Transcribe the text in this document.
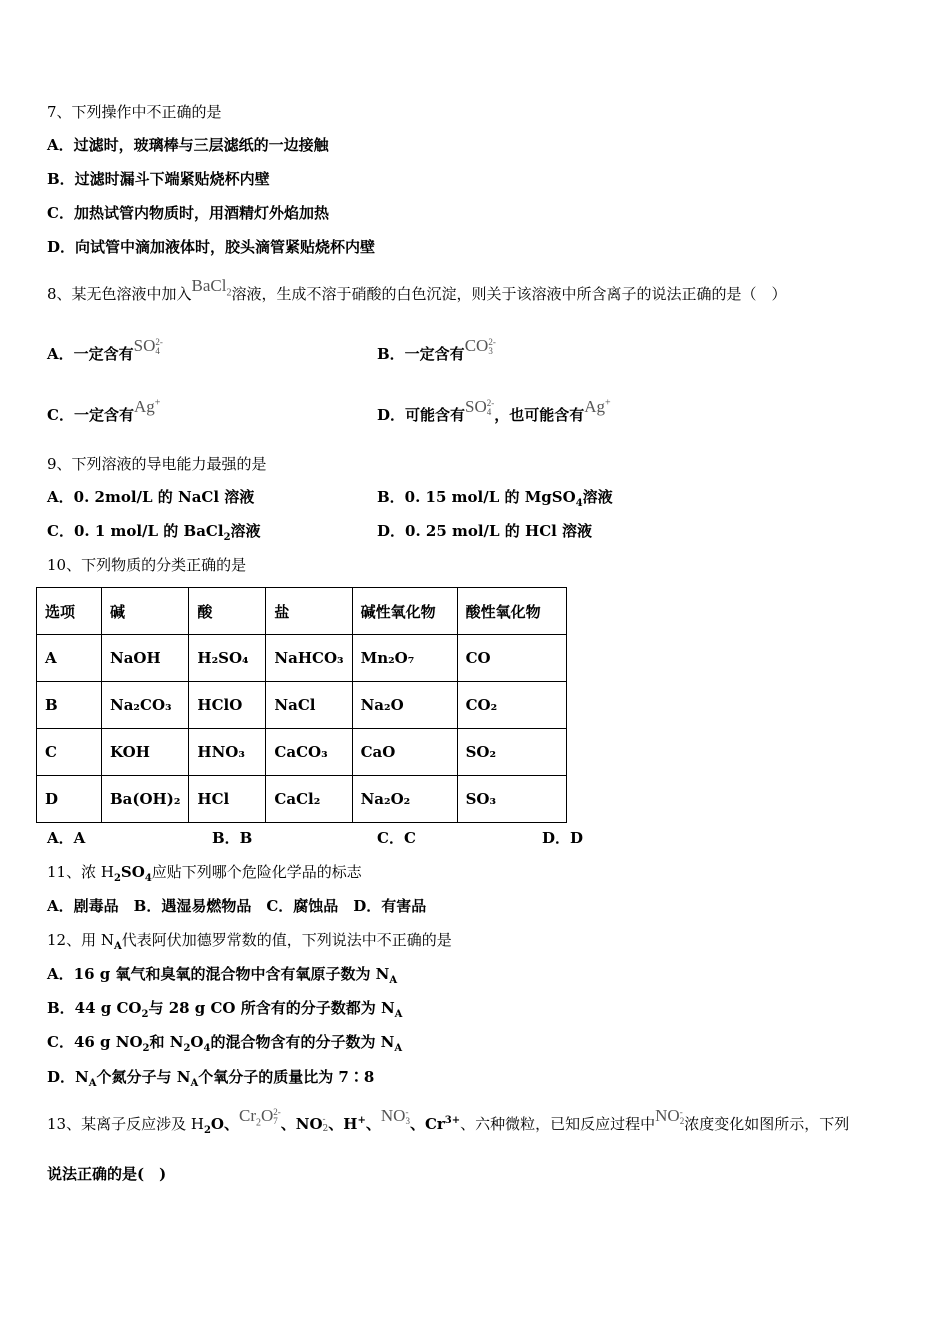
7、下列操作中不正确的是
A．过滤时，玻璃棒与三层滤纸的一边接触
B．过滤时漏斗下端紧贴烧杯内壁
C．加热试管内物质时，用酒精灯外焰加热
D．向试管中滴加液体时，胶头滴管紧贴烧杯内壁
8、某无色溶液中加入BaCl$_2$溶液，生成不溶于硝酸的白色沉淀，则关于该溶液中所含离子的说法正确的是（　）
A．一定含有SO2-
4	B．一定含有CO2-
3
C．一定含有Ag+
D．可能含有SO2-
4 ，也可能含有Ag+
9、下列溶液的导电能力最强的是
A．0. 2mol/L 的 NaCl 溶液	B．0. 15 mol/L 的 MgSO$_4$溶液
C．0. 1 mol/L 的 BaCl$_2$溶液	D．0. 25 mol/L 的 HCl 溶液
10、下列物质的分类正确的是
选项	碱	酸	盐	碱性氧化物	酸性氧化物
A	NaOH	H₂SO₄	NaHCO₃	Mn₂O₇	CO
B	Na₂CO₃	HClO	NaCl	Na₂O	CO₂
C	KOH	HNO₃	CaCO₃	CaO	SO₂
D	Ba(OH)₂	HCl	CaCl₂	Na₂O₂	SO₃
A．A	B．B	C．C	D．D
11、浓 $H_2SO_4$应贴下列哪个危险化学品的标志
A．剧毒品　B．遇湿易燃物品　C．腐蚀品　D．有害品
12、用 $N_A$代表阿伏加德罗常数的值，下列说法中不正确的是
A．16 g 氧气和臭氧的混合物中含有氧原子数为 $N_A$
B．44 g $CO_2$与 28 g CO 所含有的分子数都为 $N_A$
C．46 g $NO_2$和 $N_2O_4$的混合物含有的分子数为 $N_A$
D．$N_A$个氮分子与 $N_A$个氧分子的质量比为 7∶8
13、某离子反应涉及 $H_2O$、$Cr_2O2-$
7 、NO-
2、H+、NO-
3、$Cr^{3+}$、六种微粒，已知反应过程中NO-
2浓度变化如图所示，下列
说法正确的是(　)
